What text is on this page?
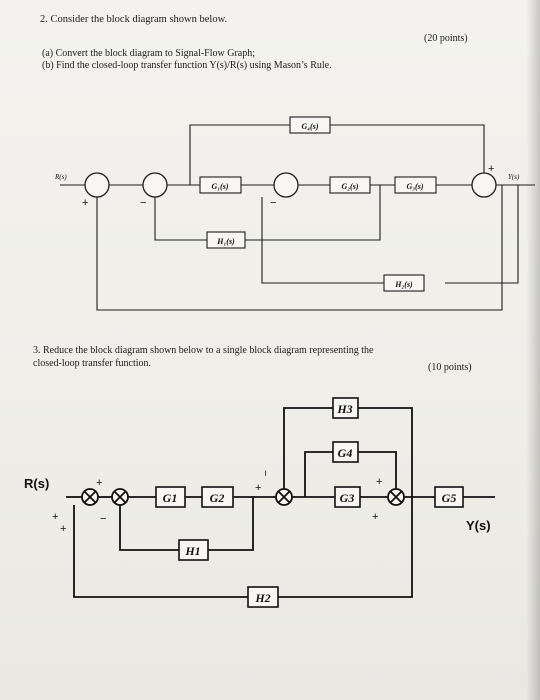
2. Consider the block diagram shown below.
(20 points)
(a) Convert the block diagram to Signal-Flow Graph;
(b) Find the closed-loop transfer function Y(s)/R(s) using Mason’s Rule.
+	−	−
+
G₁(s)	G₂(s)	G₃(s)
G₄(s)
H₁(s)
H₂(s)
R(s)	Y(s)
3. Reduce the block diagram shown below to a single block diagram representing the
closed-loop transfer function.	(10 points)
+
+
+
−
+
−
+
+
G1	G2	G3
G4
G5
H1
H2
H3
R(s)
Y(s)
